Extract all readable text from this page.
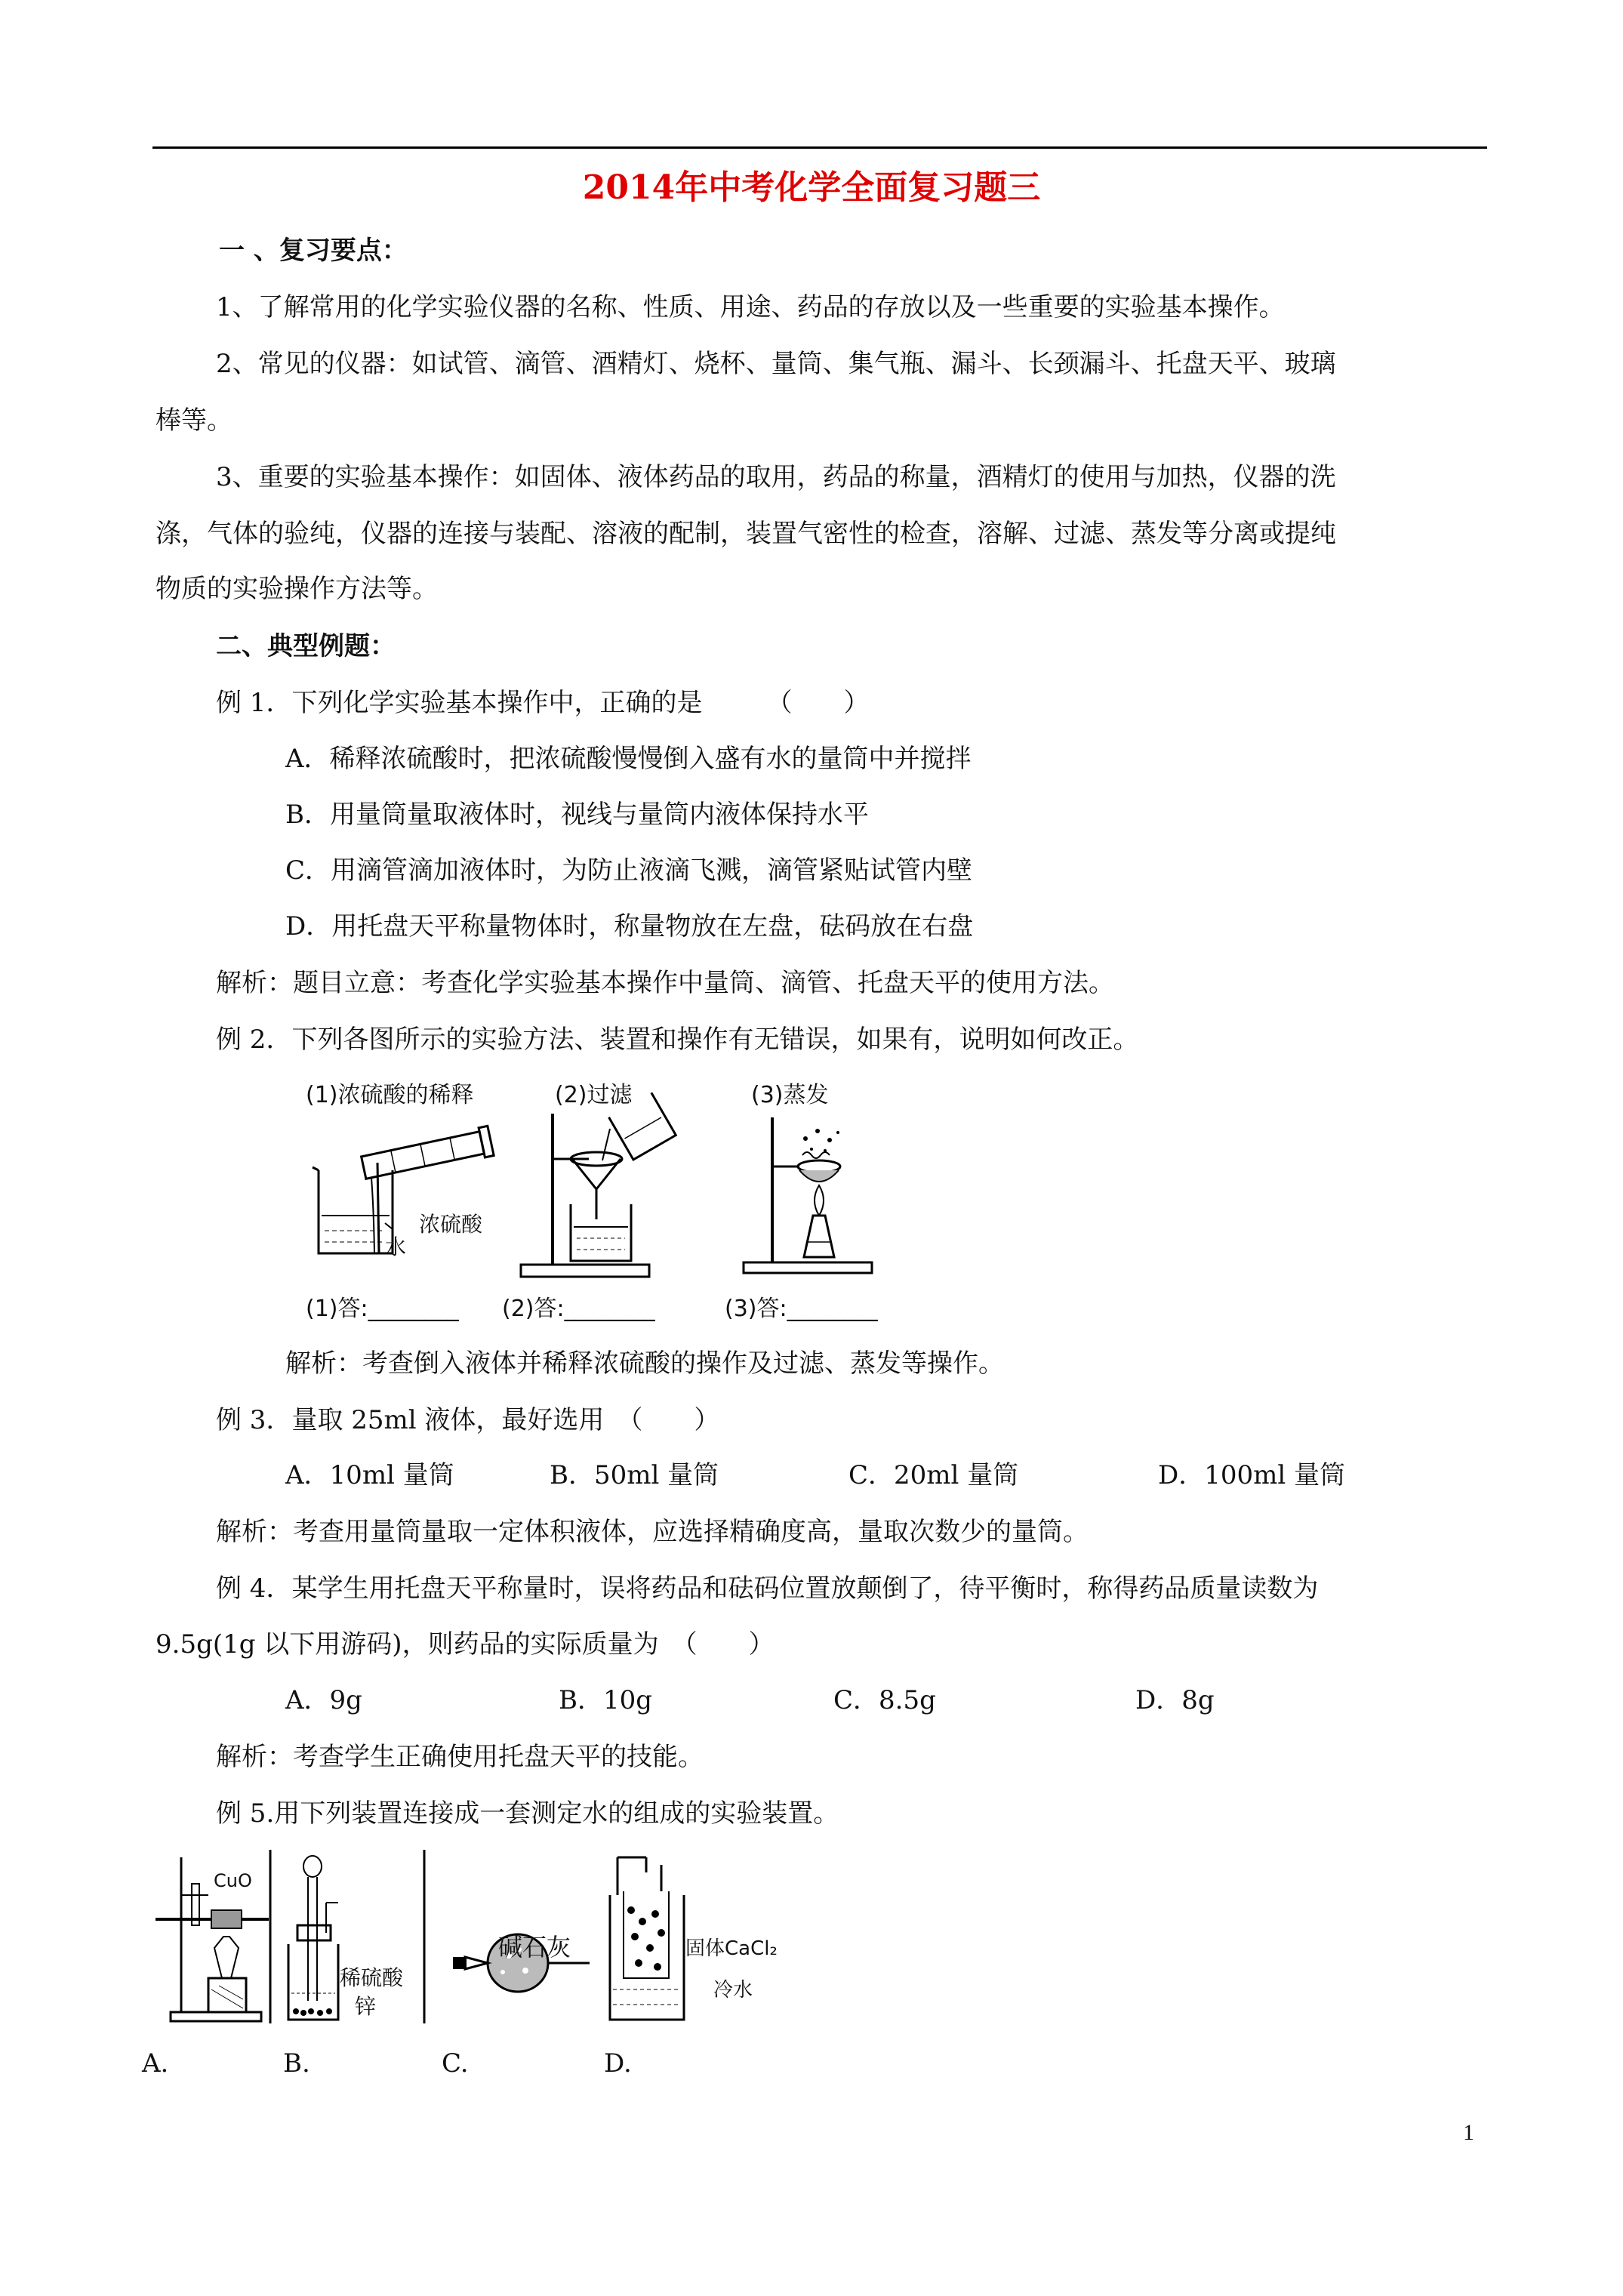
2014年中考化学全面复习题三
一 、复习要点：
1、了解常用的化学实验仪器的名称、性质、用途、药品的存放以及一些重要的实验基本操作。
2、常见的仪器：如试管、滴管、酒精灯、烧杯、量筒、集气瓶、漏斗、长颈漏斗、托盘天平、玻璃
棒等。
3、重要的实验基本操作：如固体、液体药品的取用，药品的称量，酒精灯的使用与加热，仪器的洗
涤，气体的验纯，仪器的连接与装配、溶液的配制，装置气密性的检查，溶解、过滤、蒸发等分离或提纯
物质的实验操作方法等。
二、典型例题：
例 1．下列化学实验基本操作中，正确的是　　　（　　）
A．稀释浓硫酸时，把浓硫酸慢慢倒入盛有水的量筒中并搅拌
B．用量筒量取液体时，视线与量筒内液体保持水平
C．用滴管滴加液体时，为防止液滴飞溅，滴管紧贴试管内壁
D．用托盘天平称量物体时，称量物放在左盘，砝码放在右盘
解析：题目立意：考查化学实验基本操作中量筒、滴管、托盘天平的使用方法。
例 2．下列各图所示的实验方法、装置和操作有无错误，如果有，说明如何改正。
(1)浓硫酸的稀释	(2)过滤	(3)蒸发
浓硫酸
水
(1)答:________ (2)答:________	(3)答:________
解析：考查倒入液体并稀释浓硫酸的操作及过滤、蒸发等操作。
例 3．量取 25ml 液体，最好选用　（　　）
A．10ml 量筒	B．50ml 量筒	C．20ml 量筒	D．100ml 量筒
解析：考查用量筒量取一定体积液体，应选择精确度高，量取次数少的量筒。
例 4．某学生用托盘天平称量时，误将药品和砝码位置放颠倒了，待平衡时，称得药品质量读数为
9.5g(1g 以下用游码)，则药品的实际质量为　（　　）
A．9g	B．10g	C．8.5g	D．8g
解析：考查学生正确使用托盘天平的技能。
例 5.用下列装置连接成一套测定水的组成的实验装置。
CuO
稀硫酸
锌
碱石灰	固体CaCl₂
冷水
A.	B.	C.	D.
1
